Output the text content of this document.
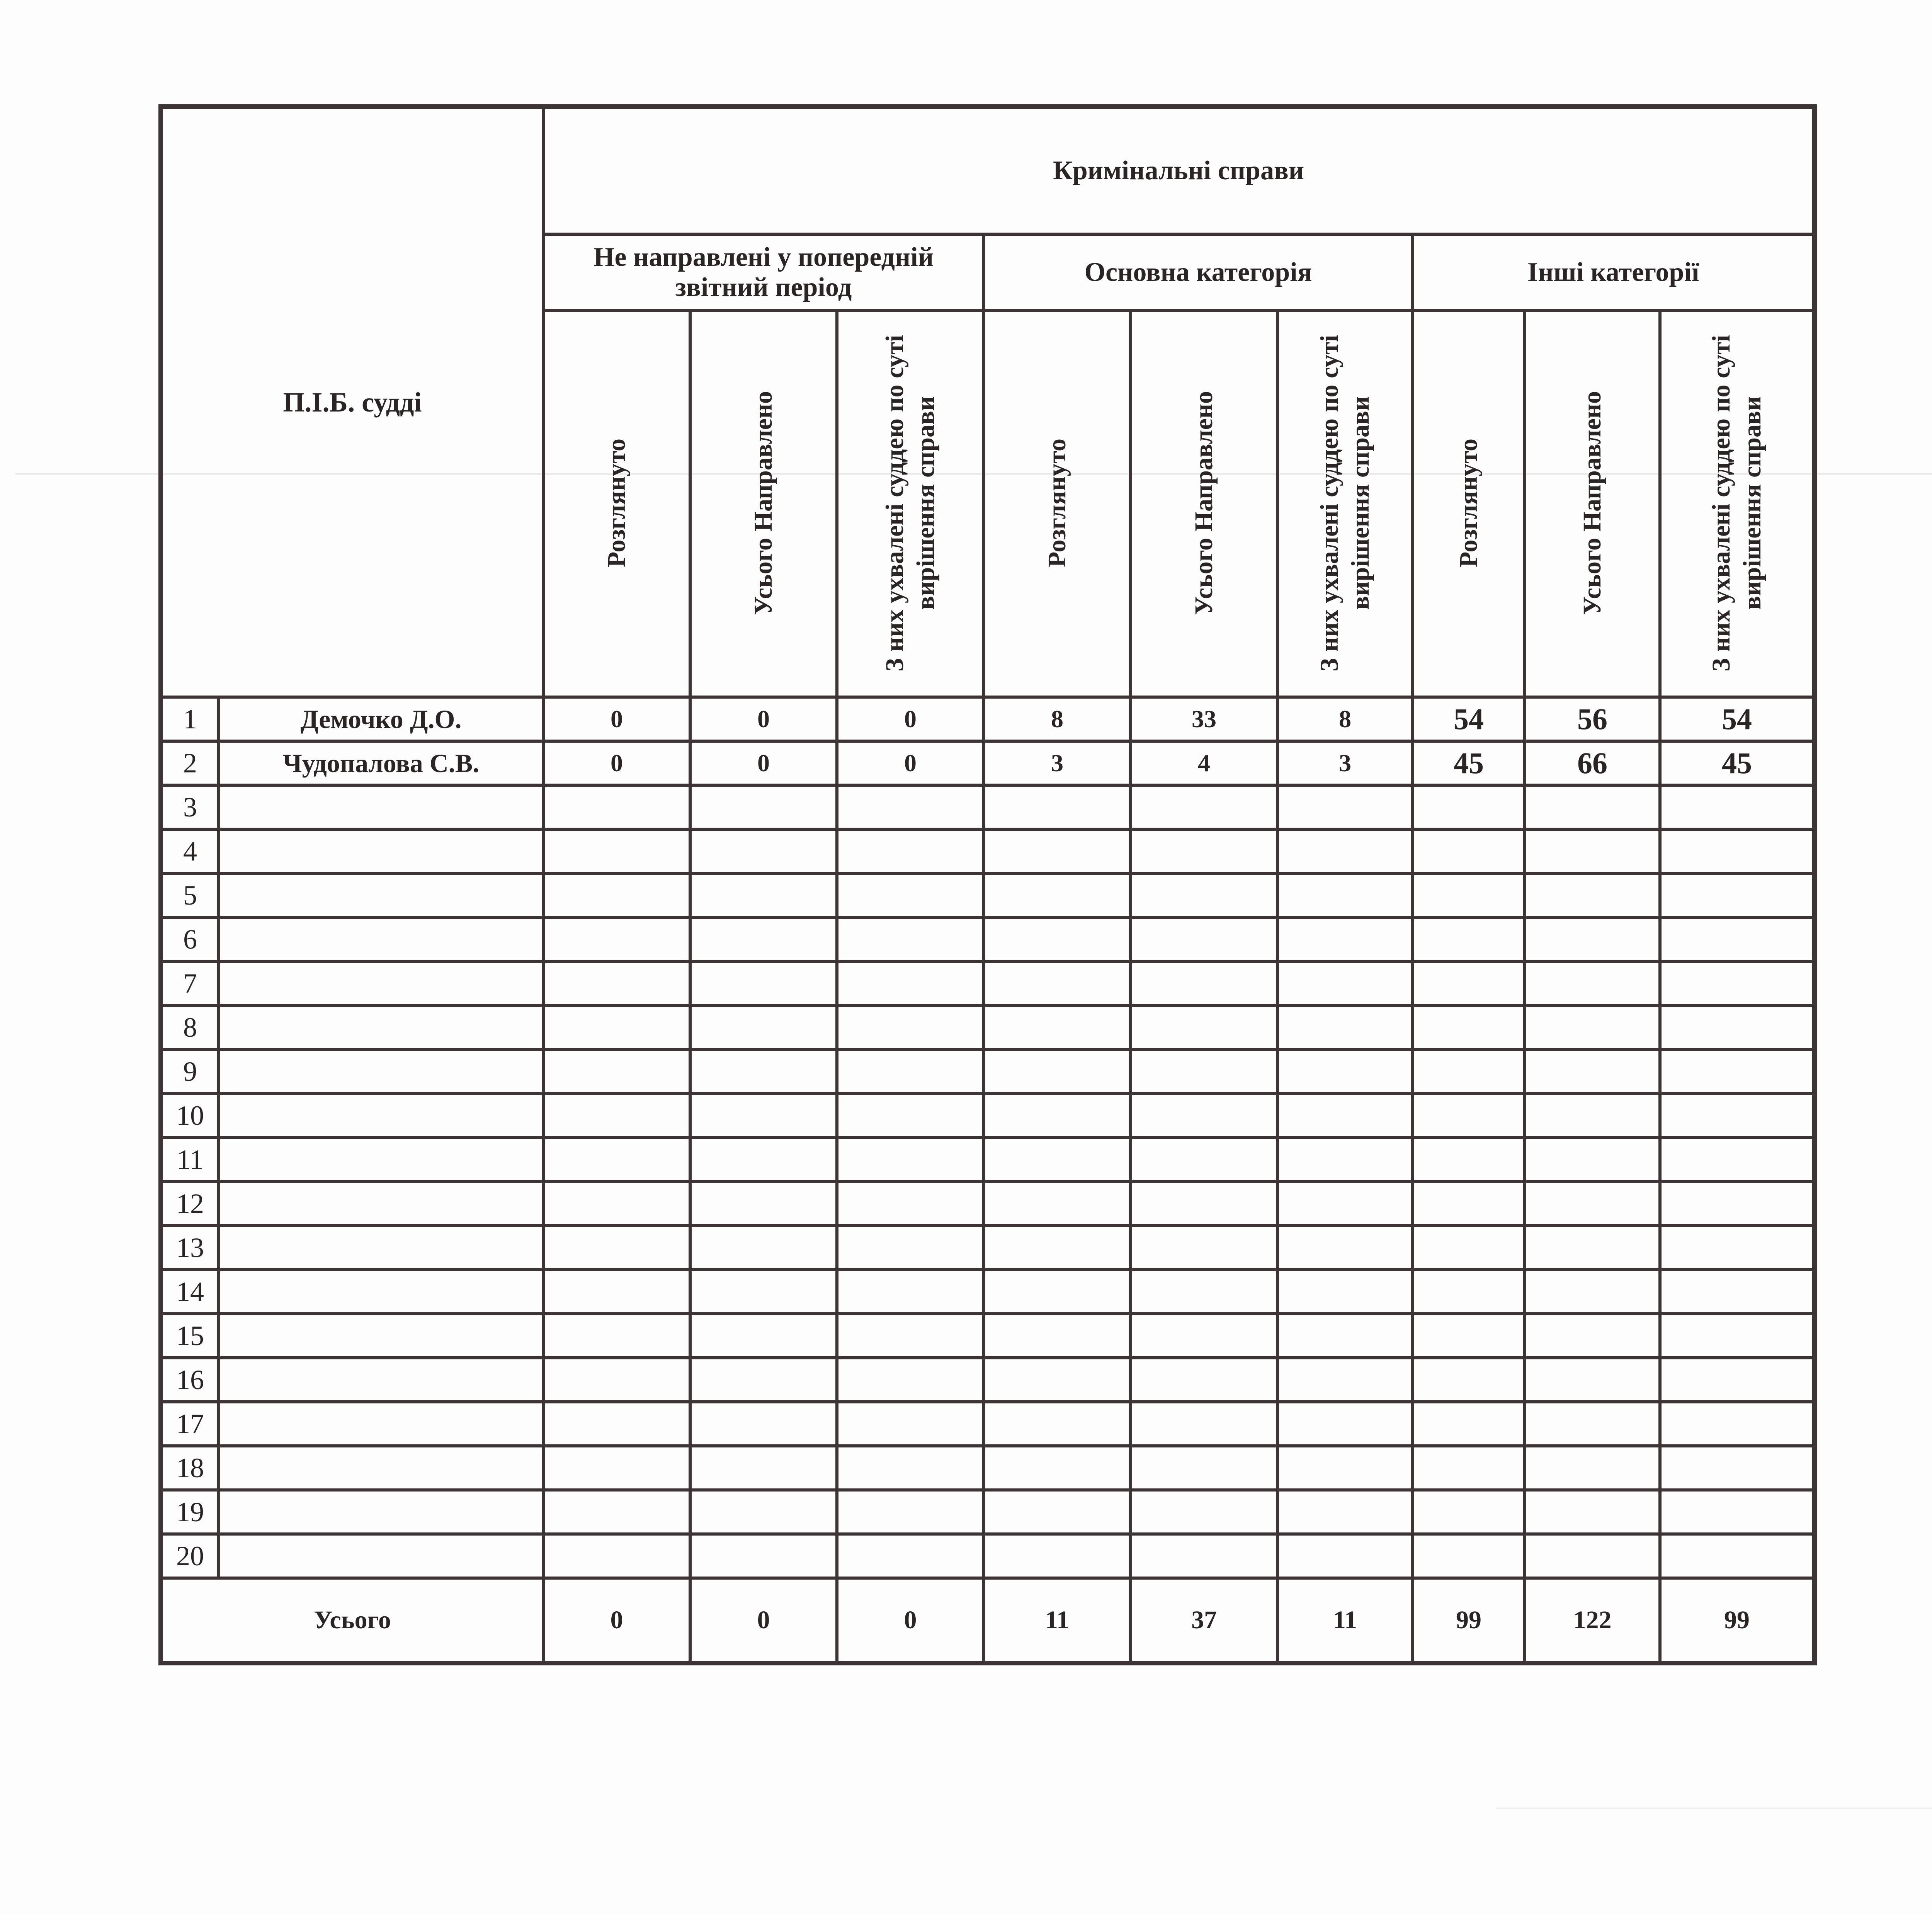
П.І.Б. судді		Кримінальні справи								
		Не направлені у попередній звітний період			Основна категорія			Інші категорії		
		Розглянуто	Усього Направлено	З них ухвалені суддею по суті вирішення справи	Розглянуто	Усього Направлено	З них ухвалені суддею по суті вирішення справи	Розглянуто	Усього Направлено	З них ухвалені суддею по суті вирішення справи
1	Демочко Д.О.	0	0	0	8	33	8	54	56	54
2	Чудопалова С.В.	0	0	0	3	4	3	45	66	45
3										
4										
5										
6										
7										
8										
9										
10										
11										
12										
13										
14										
15										
16										
17										
18										
19										
20										
Усього		0	0	0	11	37	11	99	122	99
